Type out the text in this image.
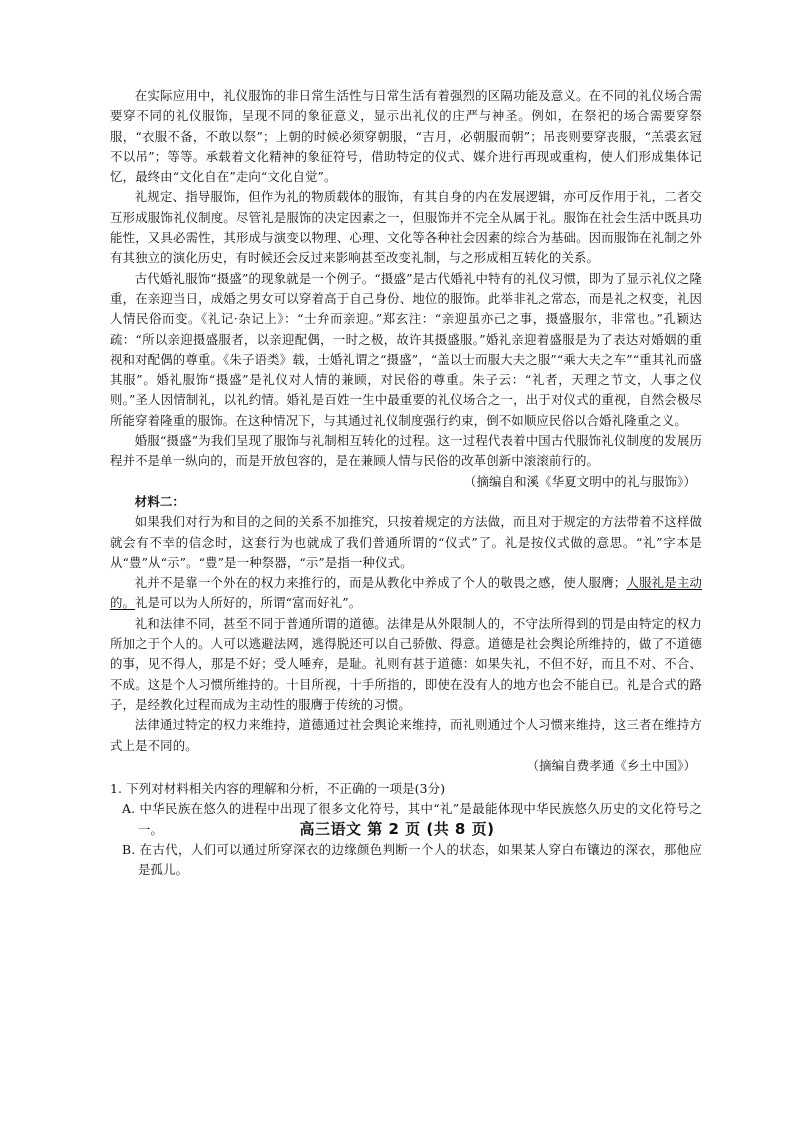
在实际应用中，礼仪服饰的非日常生活性与日常生活有着强烈的区隔功能及意义。在不同的礼仪场合需要穿不同的礼仪服饰，呈现不同的象征意义，显示出礼仪的庄严与神圣。例如，在祭祀的场合需要穿祭服，“衣服不备，不敢以祭”；上朝的时候必须穿朝服，“吉月，必朝服而朝”；吊丧则要穿丧服，“羔裘玄冠不以吊”；等等。承载着文化精神的象征符号，借助特定的仪式、媒介进行再现或重构，使人们形成集体记忆，最终由“文化自在”走向“文化自觉”。

礼规定、指导服饰，但作为礼的物质载体的服饰，有其自身的内在发展逻辑，亦可反作用于礼，二者交互形成服饰礼仪制度。尽管礼是服饰的决定因素之一，但服饰并不完全从属于礼。服饰在社会生活中既具功能性，又具必需性，其形成与演变以物理、心理、文化等各种社会因素的综合为基础。因而服饰在礼制之外有其独立的演化历史，有时候还会反过来影响甚至改变礼制，与之形成相互转化的关系。

古代婚礼服饰“摄盛”的现象就是一个例子。“摄盛”是古代婚礼中特有的礼仪习惯，即为了显示礼仪之隆重，在亲迎当日，成婚之男女可以穿着高于自己身份、地位的服饰。此举非礼之常态，而是礼之权变，礼因人情民俗而变。《礼记·杂记上》：“士弁而亲迎。”郑玄注：“亲迎虽亦己之事，摄盛服尔，非常也。”孔颖达疏：“所以亲迎摄盛服者，以亲迎配偶，一时之极，故许其摄盛服。”婚礼亲迎着盛服是为了表达对婚姻的重视和对配偶的尊重。《朱子语类》载，士婚礼谓之“摄盛”，“盖以士而服大夫之服”“乘大夫之车”“重其礼而盛其服”。婚礼服饰“摄盛”是礼仪对人情的兼顾，对民俗的尊重。朱子云：“礼者，天理之节文，人事之仪则。”圣人因情制礼，以礼约情。婚礼是百姓一生中最重要的礼仪场合之一，出于对仪式的重视，自然会极尽所能穿着隆重的服饰。在这种情况下，与其通过礼仪制度强行约束，倒不如顺应民俗以合婚礼隆重之义。

婚服“摄盛”为我们呈现了服饰与礼制相互转化的过程。这一过程代表着中国古代服饰礼仪制度的发展历程并不是单一纵向的，而是开放包容的，是在兼顾人情与民俗的改革创新中滚滚前行的。

（摘编自和溪《华夏文明中的礼与服饰》）

材料二：

如果我们对行为和目的之间的关系不加推究，只按着规定的方法做，而且对于规定的方法带着不这样做就会有不幸的信念时，这套行为也就成了我们普通所谓的“仪式”了。礼是按仪式做的意思。“礼”字本是从“豊”从“示”。“豊”是一种祭器，“示”是指一种仪式。

礼并不是靠一个外在的权力来推行的，而是从教化中养成了个人的敬畏之感，使人服膺；人服礼是主动的。礼是可以为人所好的，所谓“富而好礼”。

礼和法律不同，甚至不同于普通所谓的道德。法律是从外限制人的，不守法所得到的罚是由特定的权力所加之于个人的。人可以逃避法网，逃得脱还可以自己骄傲、得意。道德是社会舆论所维持的，做了不道德的事，见不得人，那是不好；受人唾弃，是耻。礼则有甚于道德：如果失礼，不但不好，而且不对、不合、不成。这是个人习惯所维持的。十目所视，十手所指的，即使在没有人的地方也会不能自已。礼是合式的路子，是经教化过程而成为主动性的服膺于传统的习惯。

法律通过特定的权力来维持，道德通过社会舆论来维持，而礼则通过个人习惯来维持，这三者在维持方式上是不同的。

（摘编自费孝通《乡土中国》）

1. 下列对材料相关内容的理解和分析，不正确的一项是(3分)

A. 中华民族在悠久的进程中出现了很多文化符号，其中“礼”是最能体现中华民族悠久历史的文化符号之一。

B. 在古代，人们可以通过所穿深衣的边缘颜色判断一个人的状态，如果某人穿白布镶边的深衣，那他应是孤儿。

高三语文 第 2 页 (共 8 页)
